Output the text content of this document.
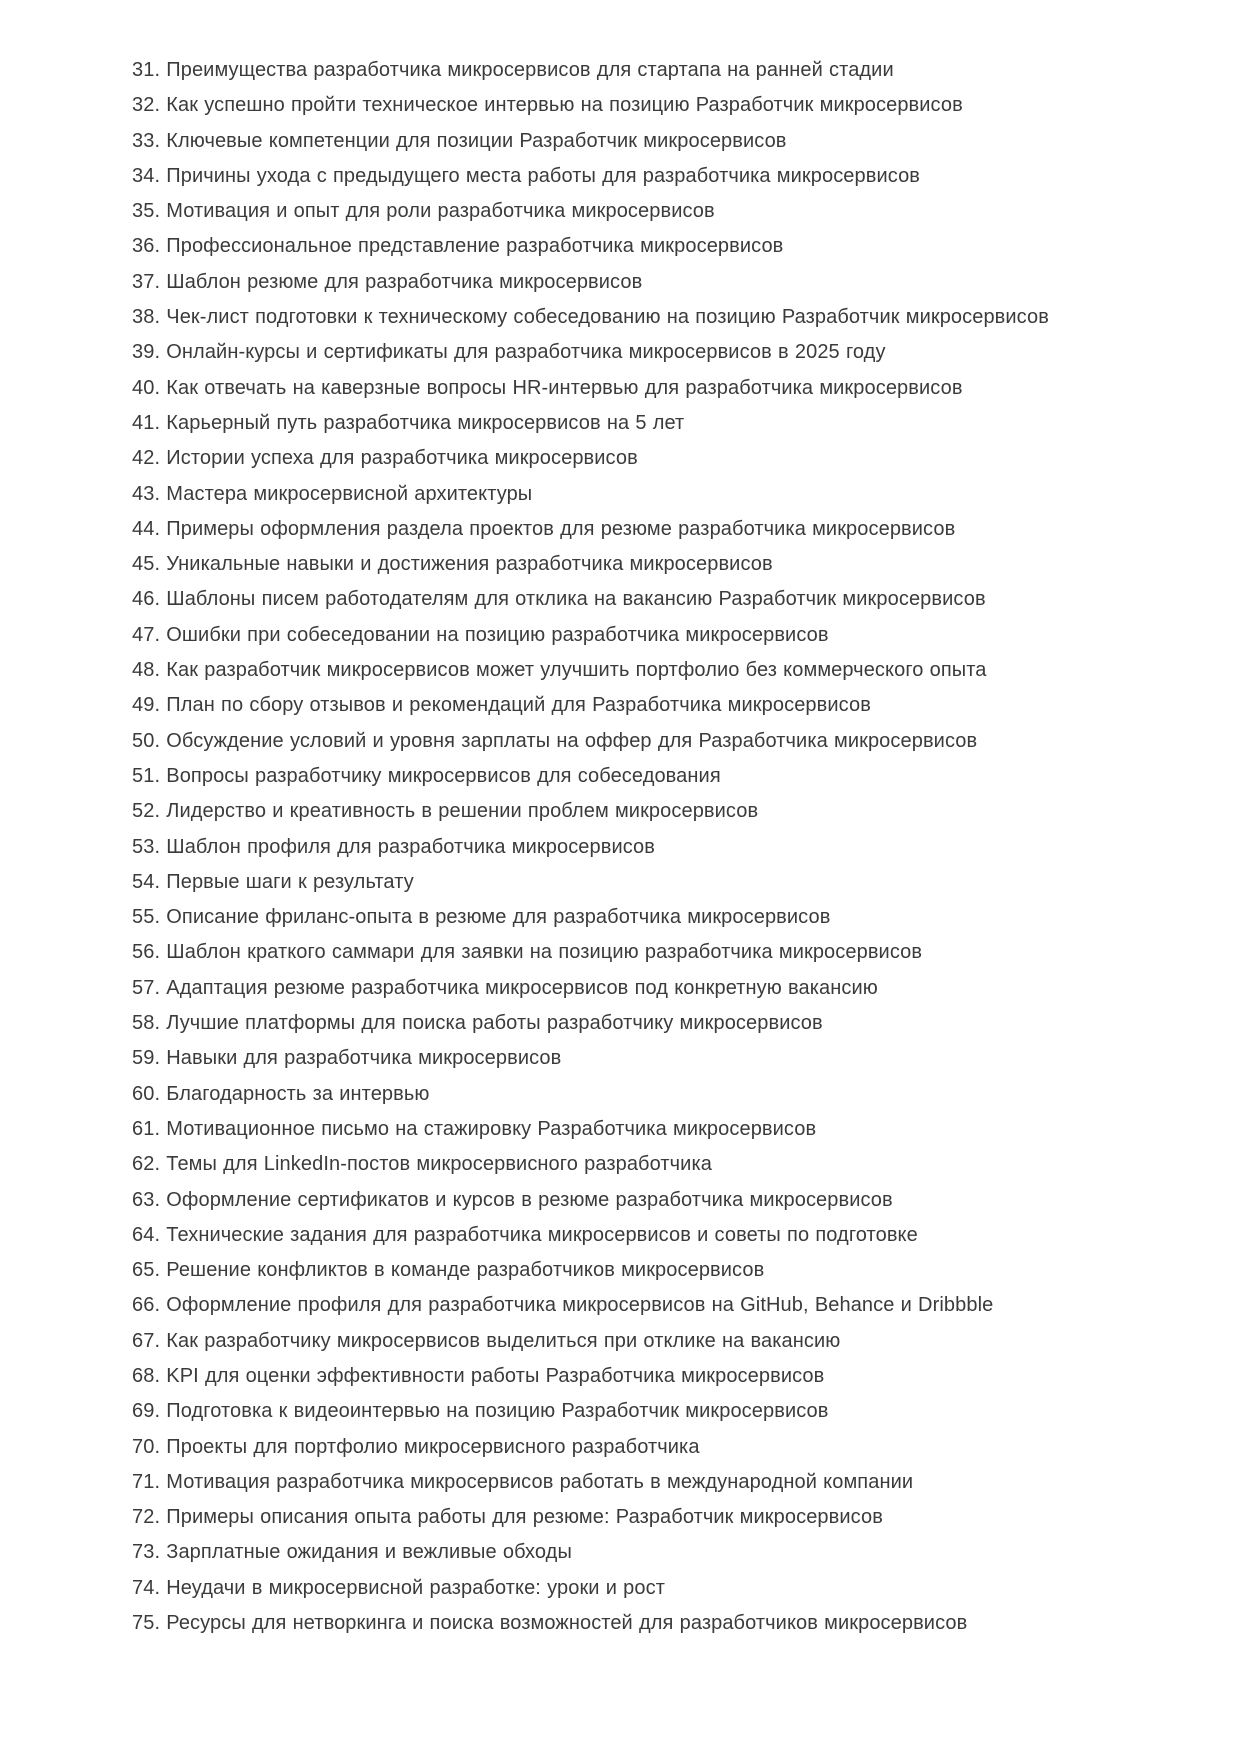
31. Преимущества разработчика микросервисов для стартапа на ранней стадии

32. Как успешно пройти техническое интервью на позицию Разработчик микросервисов

33. Ключевые компетенции для позиции Разработчик микросервисов

34. Причины ухода с предыдущего места работы для разработчика микросервисов

35. Мотивация и опыт для роли разработчика микросервисов

36. Профессиональное представление разработчика микросервисов

37. Шаблон резюме для разработчика микросервисов

38. Чек-лист подготовки к техническому собеседованию на позицию Разработчик микросервисов

39. Онлайн-курсы и сертификаты для разработчика микросервисов в 2025 году

40. Как отвечать на каверзные вопросы HR-интервью для разработчика микросервисов

41. Карьерный путь разработчика микросервисов на 5 лет

42. Истории успеха для разработчика микросервисов

43. Мастера микросервисной архитектуры

44. Примеры оформления раздела проектов для резюме разработчика микросервисов

45. Уникальные навыки и достижения разработчика микросервисов

46. Шаблоны писем работодателям для отклика на вакансию Разработчик микросервисов

47. Ошибки при собеседовании на позицию разработчика микросервисов

48. Как разработчик микросервисов может улучшить портфолио без коммерческого опыта

49. План по сбору отзывов и рекомендаций для Разработчика микросервисов

50. Обсуждение условий и уровня зарплаты на оффер для Разработчика микросервисов

51. Вопросы разработчику микросервисов для собеседования

52. Лидерство и креативность в решении проблем микросервисов

53. Шаблон профиля для разработчика микросервисов

54. Первые шаги к результату

55. Описание фриланс-опыта в резюме для разработчика микросервисов

56. Шаблон краткого саммари для заявки на позицию разработчика микросервисов

57. Адаптация резюме разработчика микросервисов под конкретную вакансию

58. Лучшие платформы для поиска работы разработчику микросервисов

59. Навыки для разработчика микросервисов

60. Благодарность за интервью

61. Мотивационное письмо на стажировку Разработчика микросервисов

62. Темы для LinkedIn-постов микросервисного разработчика

63. Оформление сертификатов и курсов в резюме разработчика микросервисов

64. Технические задания для разработчика микросервисов и советы по подготовке

65. Решение конфликтов в команде разработчиков микросервисов

66. Оформление профиля для разработчика микросервисов на GitHub, Behance и Dribbble

67. Как разработчику микросервисов выделиться при отклике на вакансию

68. KPI для оценки эффективности работы Разработчика микросервисов

69. Подготовка к видеоинтервью на позицию Разработчик микросервисов

70. Проекты для портфолио микросервисного разработчика

71. Мотивация разработчика микросервисов работать в международной компании

72. Примеры описания опыта работы для резюме: Разработчик микросервисов

73. Зарплатные ожидания и вежливые обходы

74. Неудачи в микросервисной разработке: уроки и рост

75. Ресурсы для нетворкинга и поиска возможностей для разработчиков микросервисов
